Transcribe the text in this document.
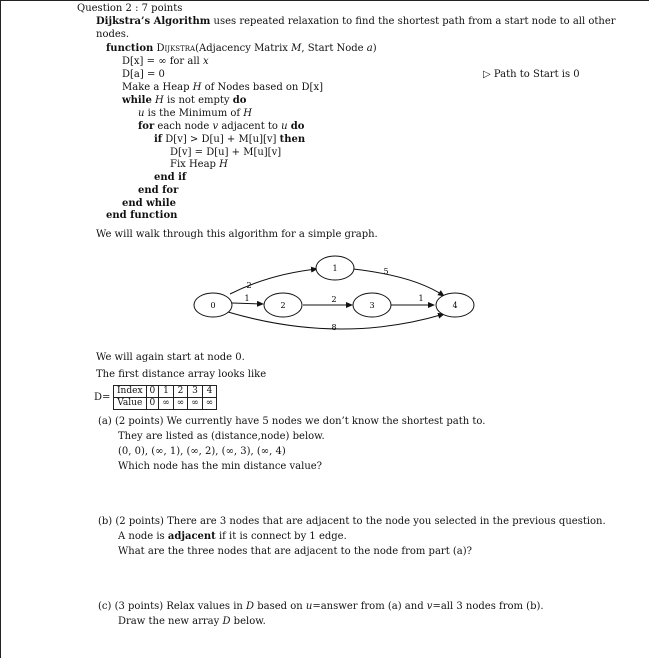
Question 2 : 7 points
Dijkstra’s Algorithm uses repeated relaxation to find the shortest path from a start node to all other
nodes.
function Dijkstra(Adjacency Matrix M, Start Node a)
D[x] = ∞ for all x
D[a] = 0	▷ Path to Start is 0
Make a Heap H of Nodes based on D[x]
while H is not empty do
u is the Minimum of H
for each node v adjacent to u do
if D[v] > D[u] + M[u][v] then
D[v] = D[u] + M[u][v]
Fix Heap H
end if
end for
end while
end function
We will walk through this algorithm for a simple graph.
0	2
1
3	4
2
1
5
2	1
8
We will again start at node 0.
The first distance array looks like
D=
Index	0	1	2	3	4
Value	0	∞	∞	∞	∞
(a) (2 points) We currently have 5 nodes we don’t know the shortest path to.
They are listed as (distance,node) below.
(0, 0), (∞, 1), (∞, 2), (∞, 3), (∞, 4)
Which node has the min distance value?
(b) (2 points) There are 3 nodes that are adjacent to the node you selected in the previous question.
A node is adjacent if it is connect by 1 edge.
What are the three nodes that are adjacent to the node from part (a)?
(c) (3 points) Relax values in D based on u=answer from (a) and v=all 3 nodes from (b).
Draw the new array D below.
